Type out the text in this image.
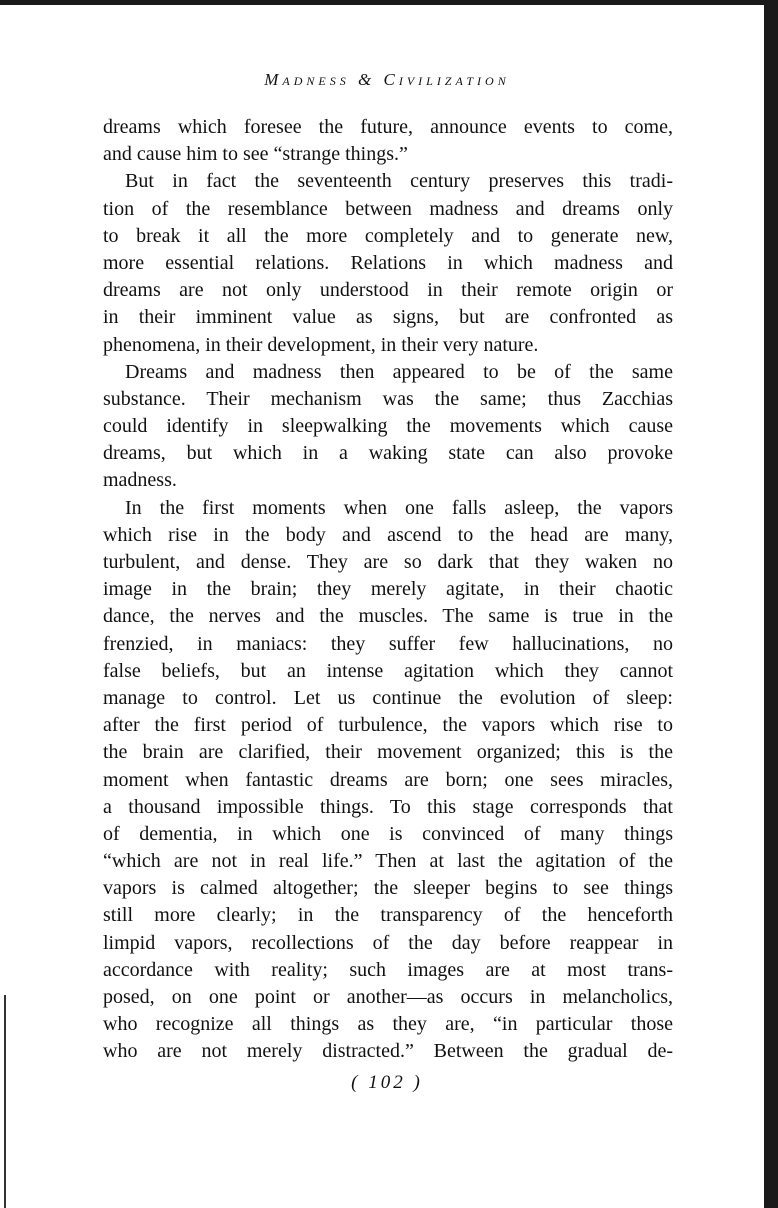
Madness & Civilization
dreams which foresee the future, announce events to come,
and cause him to see “strange things.”
But in fact the seventeenth century preserves this tradi-
tion of the resemblance between madness and dreams only
to break it all the more completely and to generate new,
more essential relations. Relations in which madness and
dreams are not only understood in their remote origin or
in their imminent value as signs, but are confronted as
phenomena, in their development, in their very nature.
Dreams and madness then appeared to be of the same
substance. Their mechanism was the same; thus Zacchias
could identify in sleepwalking the movements which cause
dreams, but which in a waking state can also provoke
madness.
In the first moments when one falls asleep, the vapors
which rise in the body and ascend to the head are many,
turbulent, and dense. They are so dark that they waken no
image in the brain; they merely agitate, in their chaotic
dance, the nerves and the muscles. The same is true in the
frenzied, in maniacs: they suffer few hallucinations, no
false beliefs, but an intense agitation which they cannot
manage to control. Let us continue the evolution of sleep:
after the first period of turbulence, the vapors which rise to
the brain are clarified, their movement organized; this is the
moment when fantastic dreams are born; one sees miracles,
a thousand impossible things. To this stage corresponds that
of dementia, in which one is convinced of many things
“which are not in real life.” Then at last the agitation of the
vapors is calmed altogether; the sleeper begins to see things
still more clearly; in the transparency of the henceforth
limpid vapors, recollections of the day before reappear in
accordance with reality; such images are at most trans-
posed, on one point or another—as occurs in melancholics,
who recognize all things as they are, “in particular those
who are not merely distracted.” Between the gradual de-
( 102 )
